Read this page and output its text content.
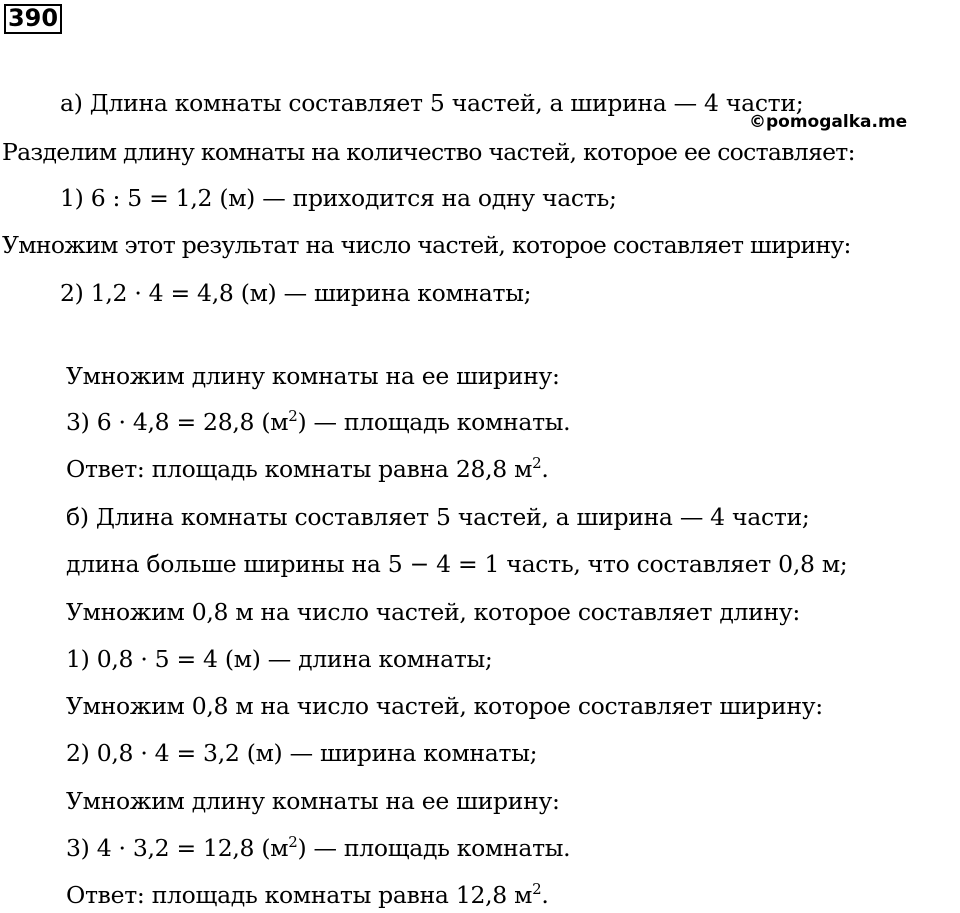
390
а) Длина комнаты составляет 5 частей, а ширина — 4 части;
©pomogalka.me
Разделим длину комнаты на количество частей, которое ее составляет:
1) 6 : 5 = 1,2 (м) — приходится на одну часть;
Умножим этот результат на число частей, которое составляет ширину:
2) 1,2 · 4 = 4,8 (м) — ширина комнаты;
Умножим длину комнаты на ее ширину:
3) 6 · 4,8 = 28,8 $(м^2)$ — площадь комнаты.
Ответ: площадь комнаты равна 28,8 $м^2$.
б) Длина комнаты составляет 5 частей, а ширина — 4 части;
длина больше ширины на 5 − 4 = 1 часть, что составляет 0,8 м;
Умножим 0,8 м на число частей, которое составляет длину:
1) 0,8 · 5 = 4 (м) — длина комнаты;
Умножим 0,8 м на число частей, которое составляет ширину:
2) 0,8 · 4 = 3,2 (м) — ширина комнаты;
Умножим длину комнаты на ее ширину:
3) 4 · 3,2 = 12,8 $(м^2)$ — площадь комнаты.
Ответ: площадь комнаты равна 12,8 $м^2$.
